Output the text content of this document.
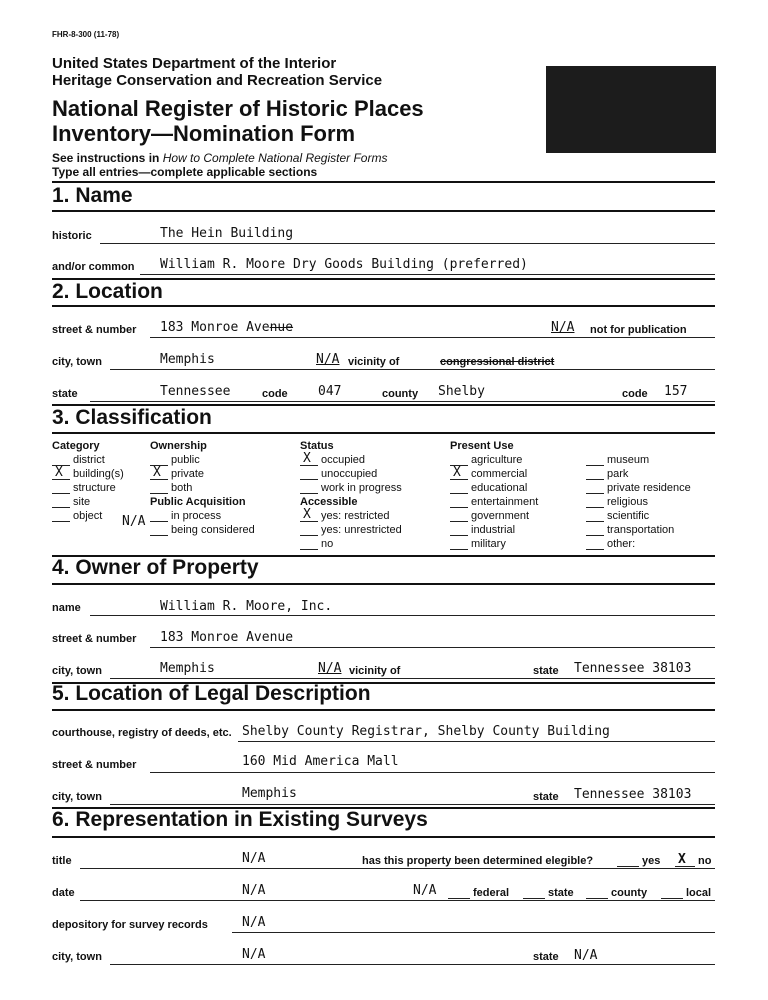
FHR-8-300 (11-78)
United States Department of the Interior
Heritage Conservation and Recreation Service
National Register of Historic Places
Inventory—Nomination Form
See instructions in How to Complete National Register Forms
Type all entries—complete applicable sections
1. Name
historic	The Hein Building
and/or common William R. Moore Dry Goods Building (preferred)
2. Location
street & number 183 Monroe Avenue	N/A not for publication
city, town	Memphis	N/A vicinity of	congressional district
state	Tennessee	code 047	county Shelby	code 157
3. Classification
Category
district
X building(s)
structure
site
object
Ownership
public
X private
both
Public Acquisition
in process
being considered
N/A
Status
X occupied
unoccupied
work in progress
Accessible
X yes: restricted
yes: unrestricted
no
Present Use
agriculture
X commercial
educational
entertainment
government
industrial
military
museum
park
private residence
religious
scientific
transportation
other:
4. Owner of Property
name	William R. Moore, Inc.
street & number 183 Monroe Avenue
city, town	Memphis	N/A vicinity of	state Tennessee 38103
5. Location of Legal Description
courthouse, registry of deeds, etc. Shelby County Registrar, Shelby County Building
street & number	160 Mid America Mall
city, town	Memphis	state Tennessee 38103
6. Representation in Existing Surveys
title	N/A	has this property been determined elegible?	yes X no
date	N/A	N/A	federal	state	county	local
depository for survey records	N/A
city, town	N/A	state N/A
